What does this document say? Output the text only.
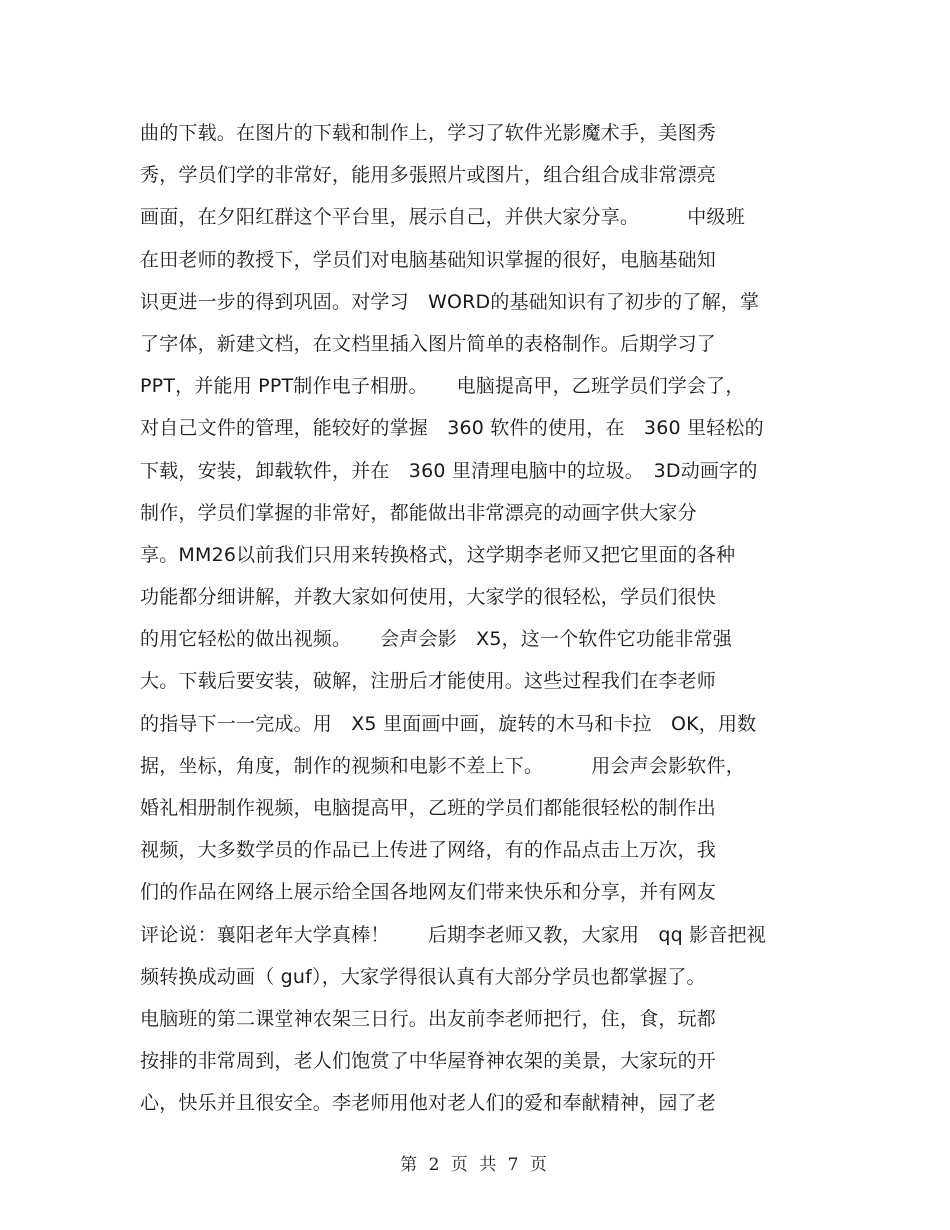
曲的下载。在图片的下载和制作上，学习了软件光影魔术手，美图秀
秀，学员们学的非常好，能用多張照片或图片，组合组合成非常漂亮
画面，在夕阳红群这个平台里，展示自己，并供大家分享。　　　中级班
在田老师的教授下，学员们对电脑基础知识掌握的很好，电脑基础知
识更进一步的得到巩固。对学习　WORD的基础知识有了初步的了解，掌
了字体，新建文档，在文档里插入图片简单的表格制作。后期学习了
PPT，并能用 PPT制作电子相册。　　电脑提高甲，乙班学员们学会了，
对自己文件的管理，能较好的掌握　360 软件的使用，在　360 里轻松的
下载，安装，卸载软件，并在　360 里清理电脑中的垃圾。　3D动画字的
制作，学员们掌握的非常好，都能做出非常漂亮的动画字供大家分
享。MM26以前我们只用来转换格式，这学期李老师又把它里面的各种
功能都分细讲解，并教大家如何使用，大家学的很轻松，学员们很快
的用它轻松的做出视频。　　会声会影　X5，这一个软件它功能非常强
大。下载后要安装，破解，注册后才能使用。这些过程我们在李老师
的指导下一一完成。用　X5 里面画中画，旋转的木马和卡拉　OK，用数
据，坐标，角度，制作的视频和电影不差上下。　　　用会声会影软件，
婚礼相册制作视频，电脑提高甲，乙班的学员们都能很轻松的制作出
视频，大多数学员的作品已上传进了网络，有的作品点击上万次，我
们的作品在网络上展示给全国各地网友们带来快乐和分享，并有网友
评论说：襄阳老年大学真棒！　　后期李老师又教，大家用　qq 影音把视
频转换成动画（ guf），大家学得很认真有大部分学员也都掌握了。
电脑班的第二课堂神农架三日行。出友前李老师把行，住，食，玩都
按排的非常周到，老人们饱赏了中华屋脊神农架的美景，大家玩的开
心，快乐并且很安全。李老师用他对老人们的爱和奉献精神，园了老
第 2 页 共 7 页
